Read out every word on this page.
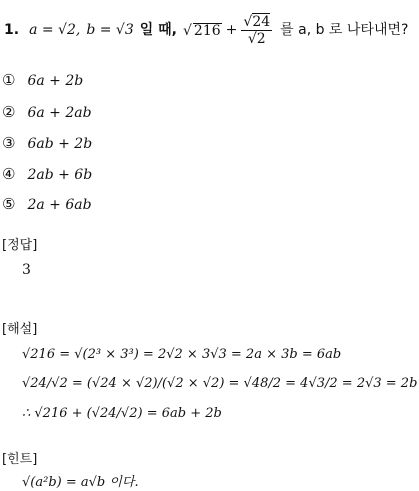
1. a = √2, b = √3 일 때, √ $216 + \frac{√24}{√2}$ 를 a, b 로 나타내면?
① 6a + 2b
② 6a + 2ab
③ 6ab + 2b
④ 2ab + 6b
⑤ 2a + 6ab
[정답]
3
[해설]
√216 = √(2³ × 3³) = 2√2 × 3√3 = 2a × 3b = 6ab
√24/√2 = (√24 × √2)/(√2 × √2) = √48/2 = 4√3/2 = 2√3 = 2b
∴ √216 + (√24/√2) = 6ab + 2b
[힌트]
√(a²b) = a√b 이다.
